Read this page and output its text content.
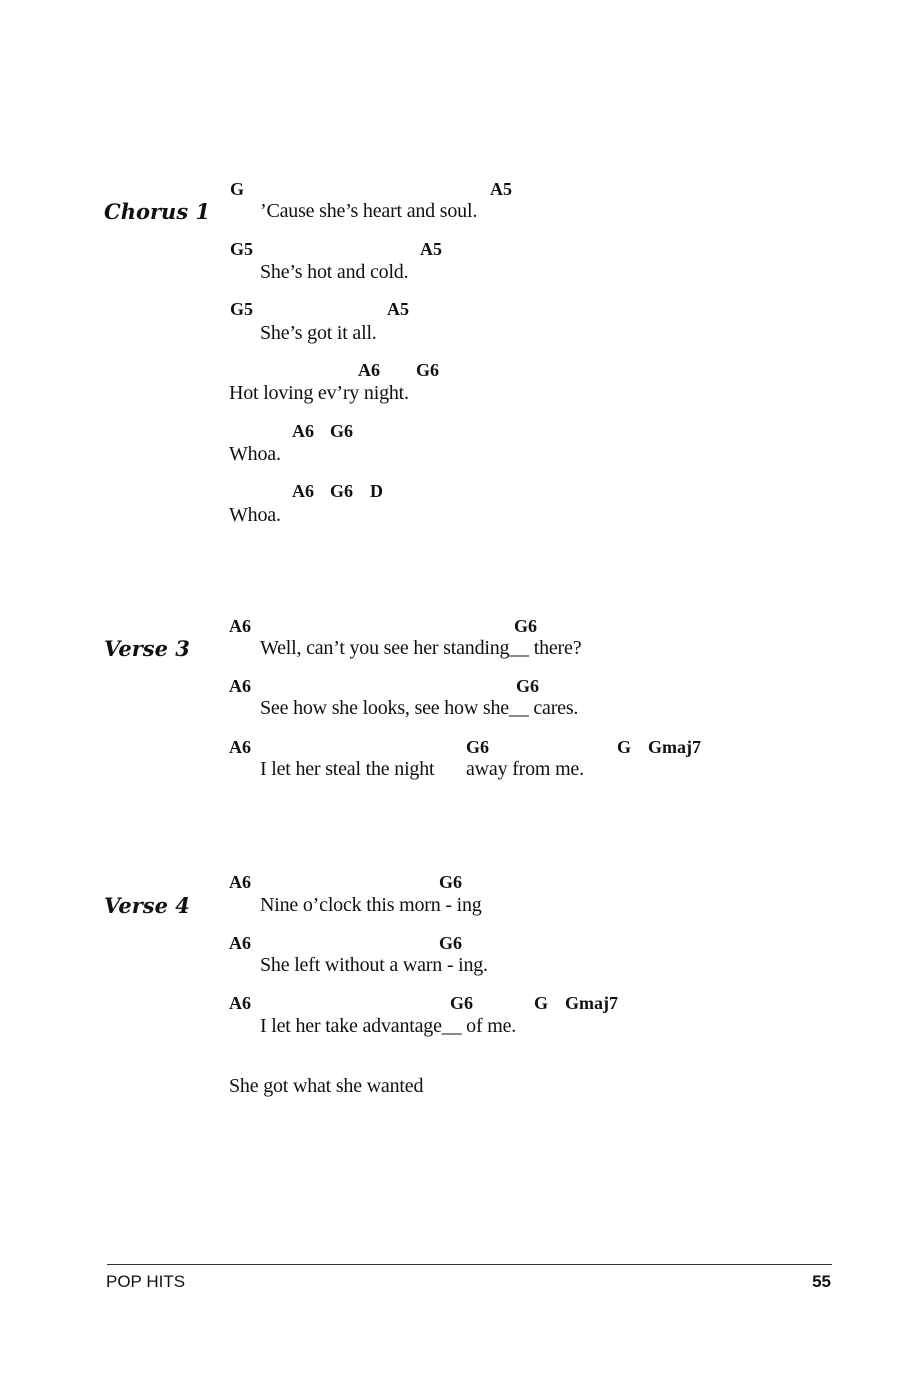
Chorus 1
G	A5
’Cause she’s heart and soul.
G5	A5
She’s hot and cold.
G5	A5
She’s got it all.
A6 G6
Hot loving ev’ry night.
A6 G6
Whoa.
A6 G6 D
Whoa.
Verse 3
A6	G6
Well, can’t you see her standing__ there?
A6	G6
See how she looks, see how she__ cares.
A6	G6	G Gmaj7
I let her steal the night away from me.
Verse 4
A6	G6
Nine o’clock this morn - ing
A6	G6
She left without a warn - ing.
A6	G6	G Gmaj7
I let her take advantage__ of me.
She got what she wanted
POP HITS	55
